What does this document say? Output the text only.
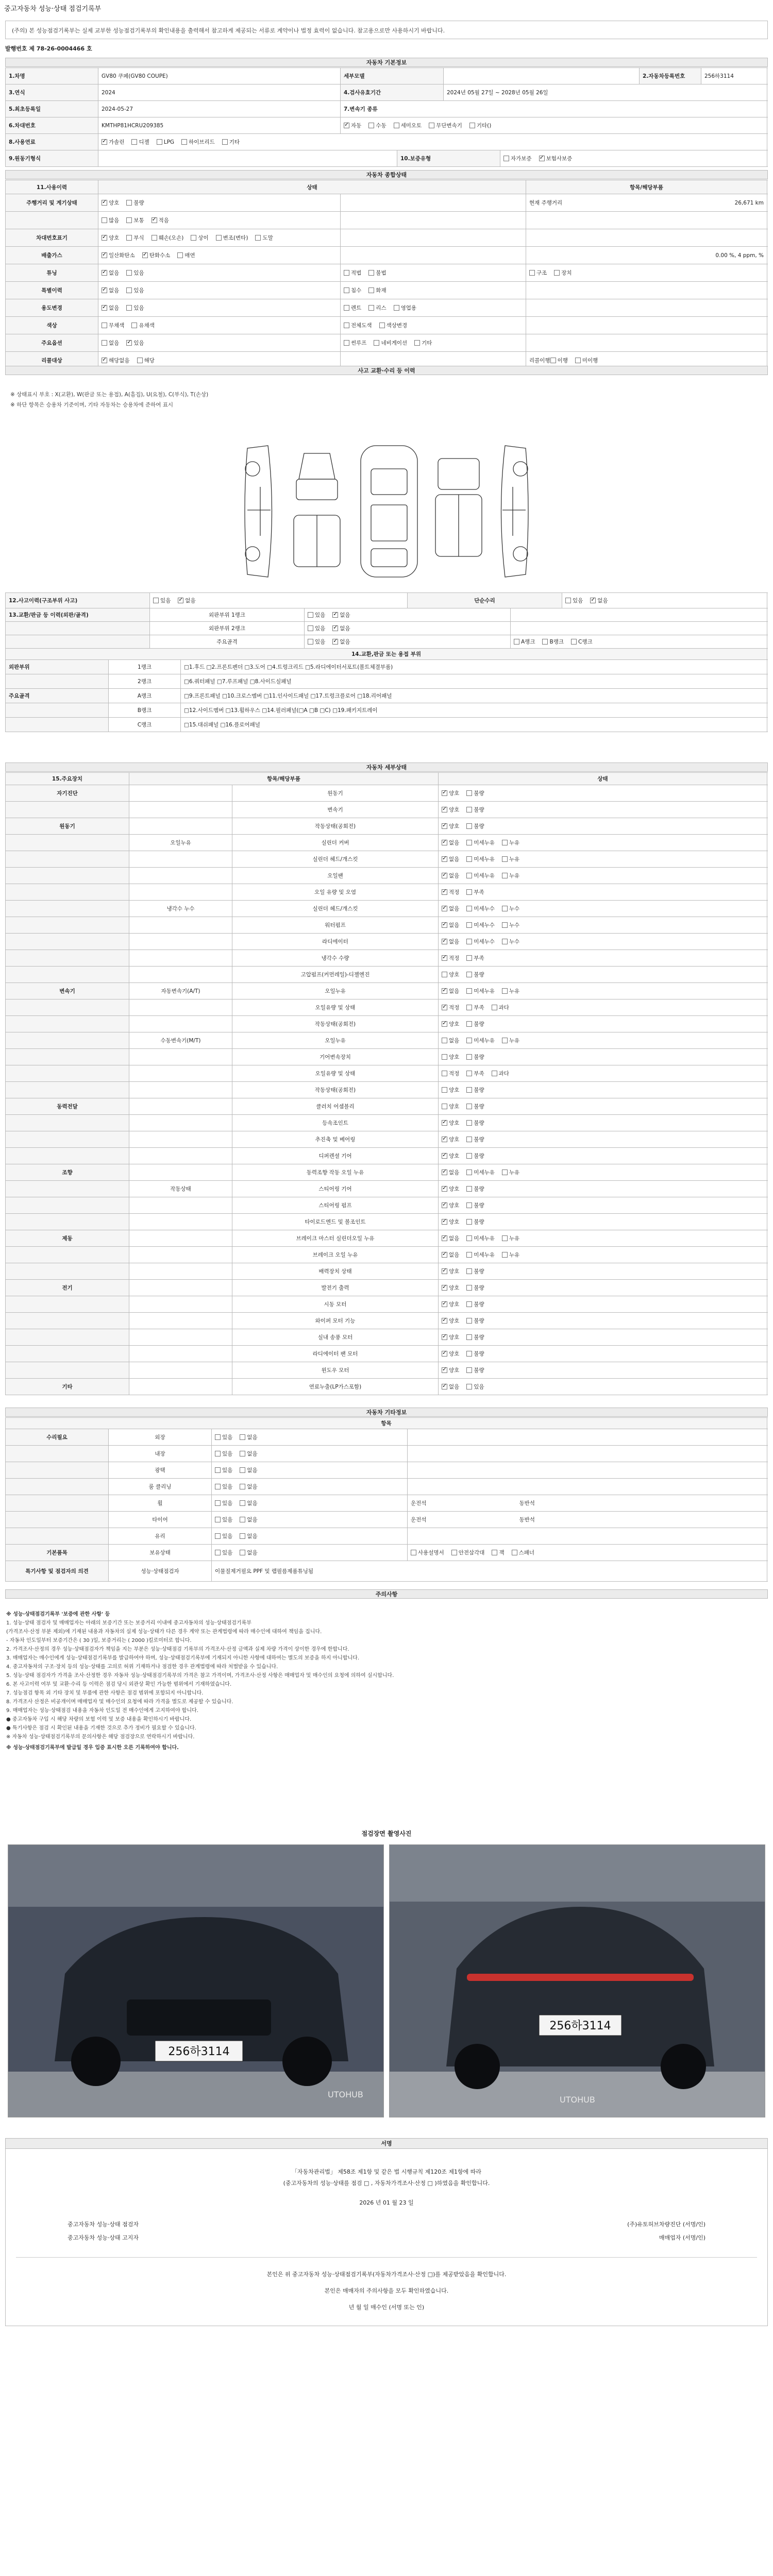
중고자동차 성능·상태 점검기록부
(주의) 본 성능점검기록부는 실제 교부한 성능점검기록부의 확인내용을 출력해서 참고하게 제공되는 서류로 계약이나 법정 효력이 없습니다. 참고용으로만 사용하시기 바랍니다.
발행번호 제 78-26-0004466 호
자동차 기본정보
1.차명	GV80 쿠페(GV80 COUPE)	세부모델	2.자동차등록번호	256하3114
3.연식	2024	4.검사유효기간	2024년 05월 27일 ~ 2028년 05월 26일
5.최초등록일	2024-05-27	7.변속기 종류
6.차대번호	KMTHP81HCRU209385 ✓	자동	수동	세미오토	무단변속기	기타()
8.사용연료 ✓	가솔린	디젤	LPG	하이브리드	기타
9.원동기형식	10.보증유형	자가보증 ✓	보험사보증
자동차 종합상태
11.사용이력	상태	항목/해당부품
주행거리 및 계기상태 ✓	양호	불량	현재 주행거리	26,671 km
많음	보통 ✓	적음
차대번호표기 ✓	양호	부식	훼손(오손)	상이	변조(변타)	도말
배출가스 ✓	일산화탄소 ✓	탄화수소	매연	0.00 %, 4 ppm, %
튜닝 ✓	없음	있음	적법	불법	구조	장치
특별이력 ✓	없음	있음	침수	화재
용도변경 ✓	없음	있음	렌트	리스	영업용
색상	무채색	유채색	전체도색	색상변경
주요옵션	없음 ✓	있음	썬루프	네비게이션	기타
리콜대상 ✓	해당없음	해당	리콜이행 이행	미이행
사고 교환·수리 등 이력
※ 상태표시 부호 : X(교환), W(판금 또는 용접), A(흠집), U(요철), C(부식), T(손상)
※ 하단 항목은 승용차 기준이며, 기타 자동차는 승용차에 준하여 표시
12.사고이력(구조부위 사고)	있음 ✓	없음	단순수리	있음 ✓	없음
13.교환/판금 등 이력(외판/골격)	외판부위 1랭크	있음 ✓	없음
외판부위 2랭크	있음 ✓	없음
주요골격	있음 ✓	없음	A랭크	B랭크	C랭크
14.교환,판금 또는 용접 부위
외판부위	1랭크	□1.후드 □2.프론트펜더 □3.도어 □4.트렁크리드 □5.라디에이터서포트(볼트체결부품)
2랭크	□6.쿼터패널 □7.루프패널 □8.사이드실패널
주요골격	A랭크	□9.프론트패널 □10.크로스멤버 □11.인사이드패널 □17.트렁크플로어 □18.리어패널
B랭크	□12.사이드멤버 □13.휠하우스 □14.필러패널(□A □B □C) □19.패키지트레이
C랭크	□15.대쉬패널 □16.플로어패널
자동차 세부상태
15.주요장치	항목/해당부품	상태
자기진단	원동기 ✓	양호	불량
변속기 ✓	양호	불량
원동기	작동상태(공회전) ✓	양호	불량
오일누유	실린더 커버 ✓	없음	미세누유	누유
실린더 헤드/개스킷 ✓	없음	미세누유	누유
오일팬 ✓	없음	미세누유	누유
오일 유량 및 오염 ✓	적정	부족
냉각수 누수	실린더 헤드/개스킷 ✓	없음	미세누수	누수
워터펌프 ✓	없음	미세누수	누수
라디에이터 ✓	없음	미세누수	누수
냉각수 수량 ✓	적정	부족
고압펌프(커먼레일)-디젤엔진	양호	불량
변속기	자동변속기(A/T)	오일누유 ✓	없음	미세누유	누유
오일유량 및 상태 ✓	적정	부족	과다
작동상태(공회전) ✓	양호	불량
수동변속기(M/T)	오일누유	없음	미세누유	누유
기어변속장치	양호	불량
오일유량 및 상태	적정	부족	과다
작동상태(공회전)	양호	불량
동력전달	클러치 어셈블리	양호	불량
등속조인트 ✓	양호	불량
추진축 및 베어링 ✓	양호	불량
디퍼렌셜 기어 ✓	양호	불량
조향	동력조향 작동 오일 누유 ✓	없음	미세누유	누유
작동상태	스티어링 기어 ✓	양호	불량
스티어링 펌프 ✓	양호	불량
타이로드엔드 및 볼조인트 ✓	양호	불량
제동	브레이크 마스터 실린더오일 누유 ✓	없음	미세누유	누유
브레이크 오일 누유 ✓	없음	미세누유	누유
배력장치 상태 ✓	양호	불량
전기	발전기 출력 ✓	양호	불량
시동 모터 ✓	양호	불량
와이퍼 모터 기능 ✓	양호	불량
실내 송풍 모터 ✓	양호	불량
라디에이터 팬 모터 ✓	양호	불량
윈도우 모터 ✓	양호	불량
기타	연료누출(LP가스포함) ✓	없음	있음
자동차 기타정보
항목
수리필요	외장	있음	없음
내장	있음	없음
광택	있음	없음
룸 클리닝	있음	없음
휠	있음	없음	운전석	동반석
타이어	있음	없음	운전석	동반석
유리	있음	없음
기본품목	보유상태	있음	없음	사용설명서	안전삼각대	잭	스패너
특기사항 및 점검자의 의견	성능·상태점검자	이물질제거필요 PPF 및 랩필름제품튜닝됨
주의사항
※ 성능·상태점검기록부 '보증에 관한 사항' 등
1. 성능·상태 점검자 및 매매업자는 아래의 보증기간 또는 보증거리 이내에 중고자동차의 성능·상태점검기록부
(가격조사·산정 부분 제외)에 기재된 내용과 자동차의 실제 성능·상태가 다른 경우 계약 또는 관계법령에 따라 매수인에 대하여 책임을 집니다.
- 자동차 인도일부터 보증기간은 ( 30 )일, 보증거리는 ( 2000 )킬로미터로 합니다.
2. 가격조사·산정의 경우 성능·상태점검자가 책임을 지는 부분은 성능·상태점검 기록부의 가격조사·산정 금액과 실제 차량 가격이 상이한 경우에 한합니다.
3. 매매업자는 매수인에게 성능·상태점검기록부를 발급하여야 하며, 성능·상태점검기록부에 기재되지 아니한 사항에 대하여는 별도의 보증을 하지 아니합니다.
4. 중고자동차의 구조·장치 등의 성능·상태를 고의로 허위 기재하거나 점검한 경우 관계법령에 따라 처벌받을 수 있습니다.
5. 성능·상태 점검자가 가격을 조사·산정한 경우 자동차 성능·상태점검기록부의 가격은 참고 가격이며, 가격조사·산정 사항은 매매업자 및 매수인의 요청에 의하여 실시합니다.
6. 본 사고이력 여부 및 교환·수리 등 이력은 점검 당시 외관상 확인 가능한 범위에서 기재하였습니다.
7. 성능점검 항목 외 기타 장치 및 부품에 관한 사항은 점검 범위에 포함되지 아니합니다.
8. 가격조사 산정은 비공개이며 매매업자 및 매수인의 요청에 따라 가격을 별도로 제공할 수 있습니다.
9. 매매업자는 성능·상태점검 내용을 자동차 인도일 전 매수인에게 고지하여야 합니다.
● 중고자동차 구입 시 해당 차량의 보험 이력 및 보증 내용을 확인하시기 바랍니다.
● 특기사항은 점검 시 확인된 내용을 기재한 것으로 추가 정비가 필요할 수 있습니다.
※ 자동차 성능·상태점검기록부의 문의사항은 해당 점검장으로 연락하시기 바랍니다.
※ 성능·상태점검기록부에 발급일 경우 입증 표시한 오른 기록하여야 합니다.
점검장면 촬영사진
256하3114
UTOHUB
256하3114
UTOHUB
서명
「자동차관리법」 제58조 제1항 및 같은 법 시행규칙 제120조 제1항에 따라
(중고자동차의 성능·상태를 점검 □ , 자동차가격조사·산정 □ )하였음을 확인합니다.
2026 년 01 월 23 일
중고자동차 성능·상태 점검자	(주)유토허브차량진단 (서명/인)
중고자동차 성능·상태 고지자	매매업자 (서명/인)
본인은 위 중고자동차 성능·상태점검기록부(자동차가격조사·산정 □)를 제공받았음을 확인합니다.
본인은 매매자의 주의사항을 모두 확인하였습니다.
년 월 일 매수인 (서명 또는 인)
